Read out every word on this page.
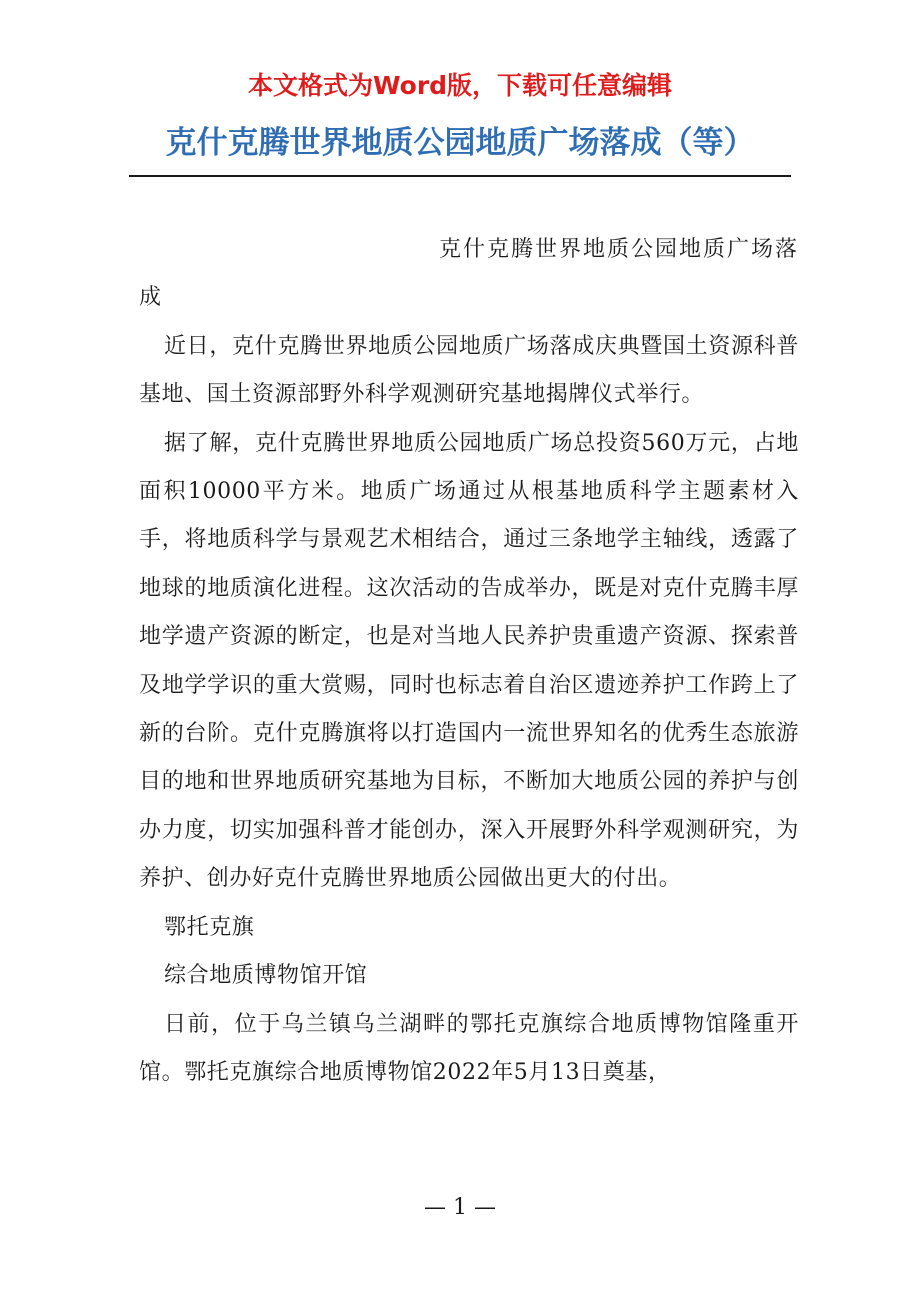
本文格式为Word版，下载可任意编辑
克什克腾世界地质公园地质广场落成（等）

克什克腾世界地质公园地质广场落成

近日，克什克腾世界地质公园地质广场落成庆典暨国土资源科普基地、国土资源部野外科学观测研究基地揭牌仪式举行。

据了解，克什克腾世界地质公园地质广场总投资560万元，占地面积10000平方米。地质广场通过从根基地质科学主题素材入手，将地质科学与景观艺术相结合，通过三条地学主轴线，透露了地球的地质演化进程。这次活动的告成举办，既是对克什克腾丰厚地学遗产资源的断定，也是对当地人民养护贵重遗产资源、探索普及地学学识的重大赏赐，同时也标志着自治区遗迹养护工作跨上了新的台阶。克什克腾旗将以打造国内一流世界知名的优秀生态旅游目的地和世界地质研究基地为目标，不断加大地质公园的养护与创办力度，切实加强科普才能创办，深入开展野外科学观测研究，为养护、创办好克什克腾世界地质公园做出更大的付出。

鄂托克旗

综合地质博物馆开馆

日前，位于乌兰镇乌兰湖畔的鄂托克旗综合地质博物馆隆重开馆。鄂托克旗综合地质博物馆2022年5月13日奠基，

— 1 —
